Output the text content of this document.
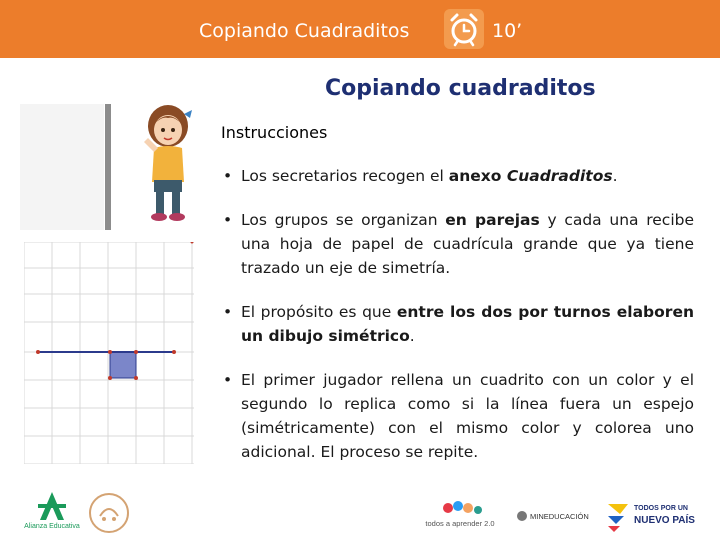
Copiando Cuadraditos	10’
Copiando cuadraditos
Instrucciones
• Los secretarios recogen el anexo Cuadraditos.
• Los grupos se organizan en parejas y cada una recibe una hoja de papel de cuadrícula grande que ya tiene trazado un eje de simetría.
• El propósito es que entre los dos por turnos elaboren un dibujo simétrico.
• El primer jugador rellena un cuadrito con un color y el segundo lo replica como si la línea fuera un espejo (simétricamente) con el mismo color y colorea uno adicional. El proceso se repite.
Alianza Educativa	todos a aprender 2.0
MINEDUCACIÓN
TODOS POR UN
NUEVO PAÍS
